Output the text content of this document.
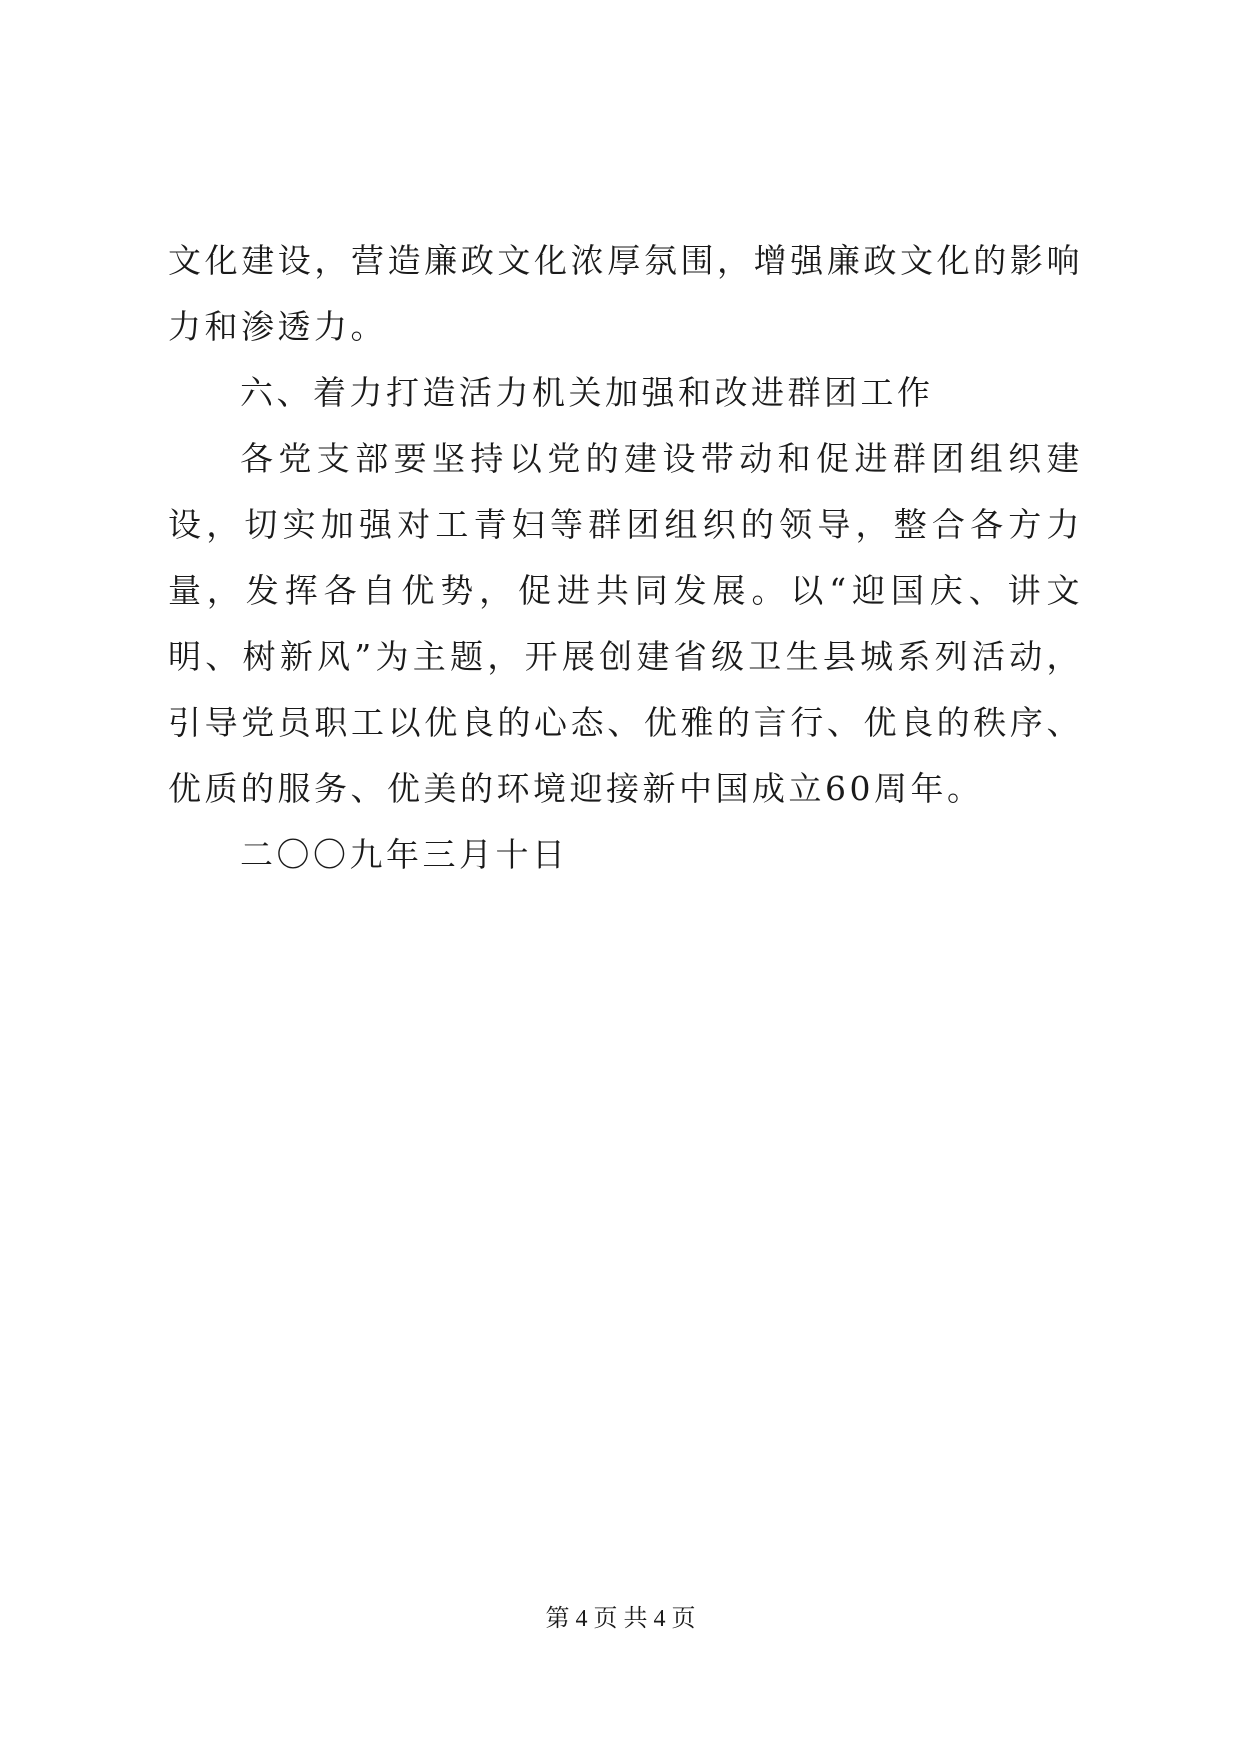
文化建设，营造廉政文化浓厚氛围，增强廉政文化的影响力和渗透力。

六、着力打造活力机关加强和改进群团工作

各党支部要坚持以党的建设带动和促进群团组织建设，切实加强对工青妇等群团组织的领导，整合各方力量，发挥各自优势，促进共同发展。以“迎国庆、讲文明、树新风”为主题，开展创建省级卫生县城系列活动，引导党员职工以优良的心态、优雅的言行、优良的秩序、优质的服务、优美的环境迎接新中国成立60周年。

二〇〇九年三月十日

第 4 页 共 4 页
